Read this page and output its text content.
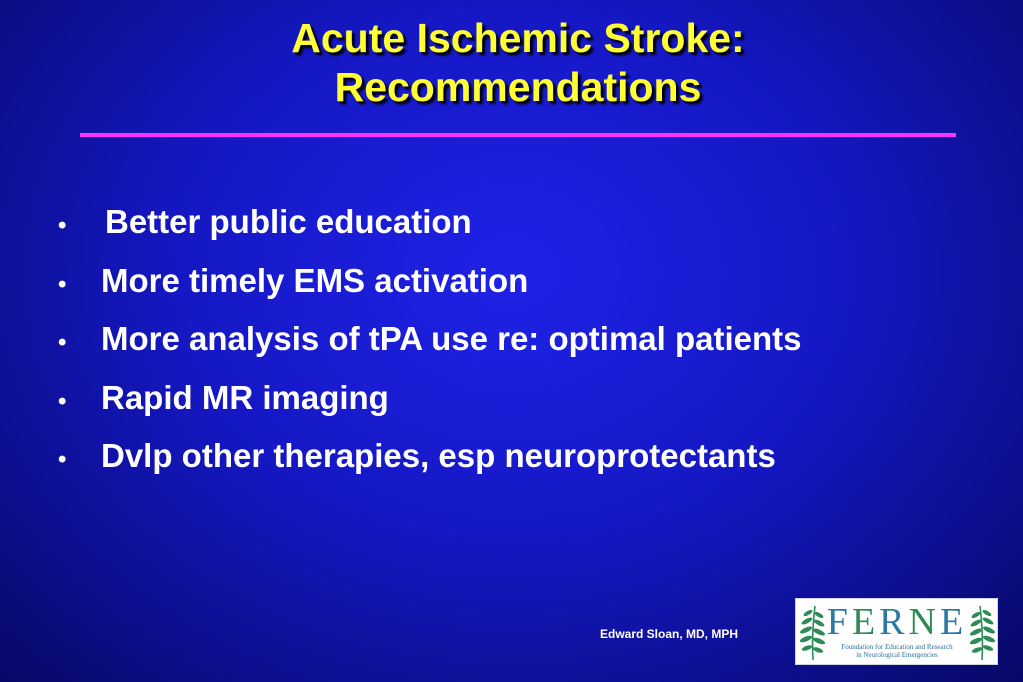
Acute Ischemic Stroke:
Recommendations
•	Better public education
•	More timely EMS activation
•	More analysis of tPA use re: optimal patients
•	Rapid MR imaging
•	Dvlp other therapies, esp neuroprotectants
Edward Sloan, MD, MPH FERNE
Foundation for Education and Research
in Neurological Emergencies
